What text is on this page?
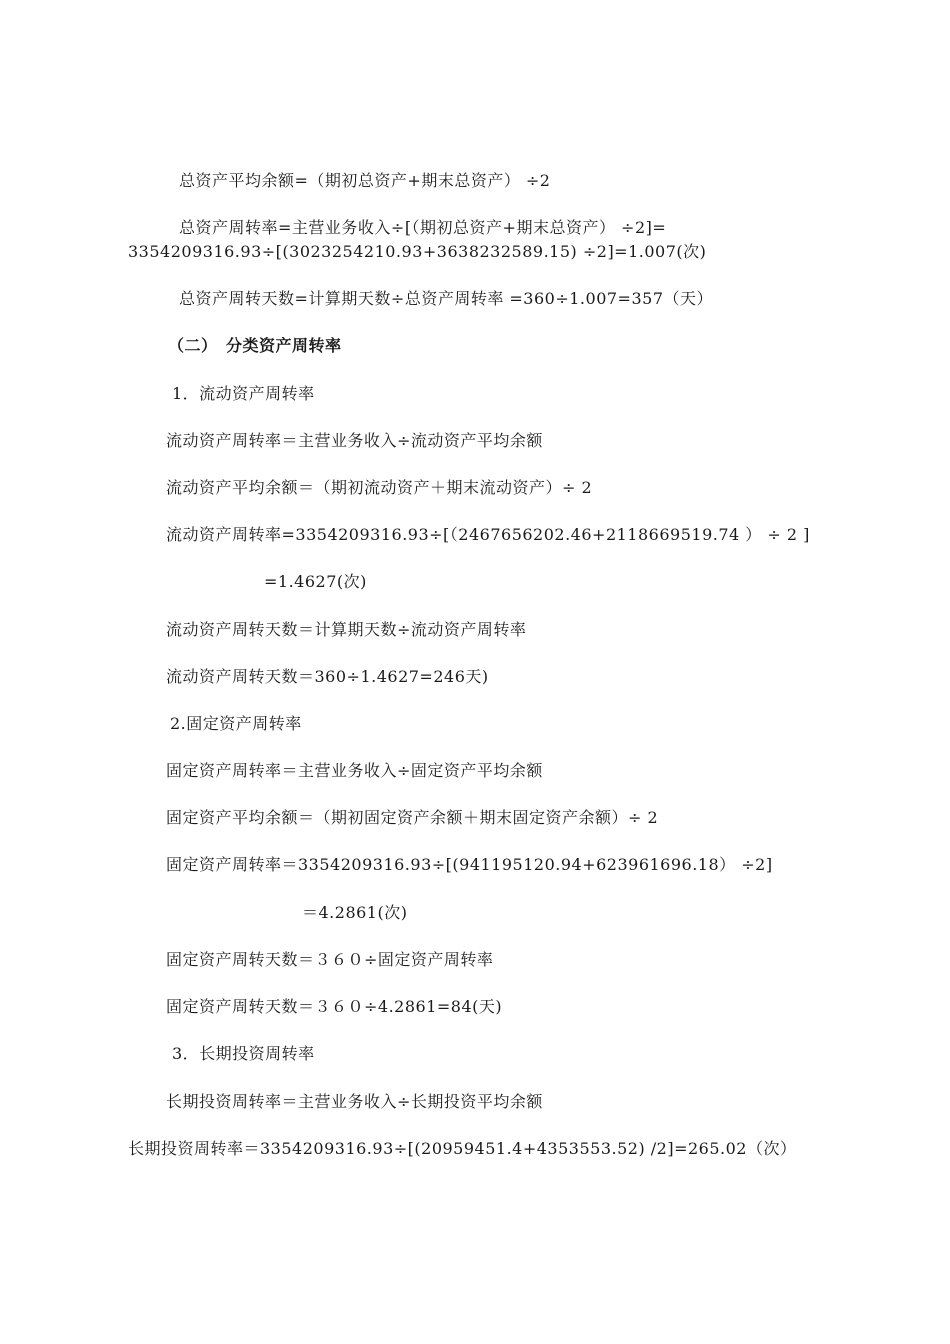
总资产平均余额=（期初总资产+期末总资产） ÷2
总资产周转率=主营业务收入÷[（期初总资产+期末总资产） ÷2]=
3354209316.93÷[(3023254210.93+3638232589.15) ÷2]=1.007(次)
总资产周转天数=计算期天数÷总资产周转率 =360÷1.007=357（天）
（二）　分类资产周转率
1．流动资产周转率
流动资产周转率＝主营业务收入÷流动资产平均余额
流动资产平均余额＝（期初流动资产＋期末流动资产）÷ 2
流动资产周转率=3354209316.93÷[（2467656202.46+2118669519.74 ） ÷ 2 ]
=1.4627(次)
流动资产周转天数＝计算期天数÷流动资产周转率
流动资产周转天数＝360÷1.4627=246天)
2.固定资产周转率
固定资产周转率＝主营业务收入÷固定资产平均余额
固定资产平均余额＝（期初固定资产余额＋期末固定资产余额）÷ 2
固定资产周转率＝3354209316.93÷[(941195120.94+623961696.18） ÷2]
＝4.2861(次)
固定资产周转天数＝３６０÷固定资产周转率
固定资产周转天数＝３６０÷4.2861=84(天)
3．长期投资周转率
长期投资周转率＝主营业务收入÷长期投资平均余额
长期投资周转率＝3354209316.93÷[(20959451.4+4353553.52) /2]=265.02（次）
